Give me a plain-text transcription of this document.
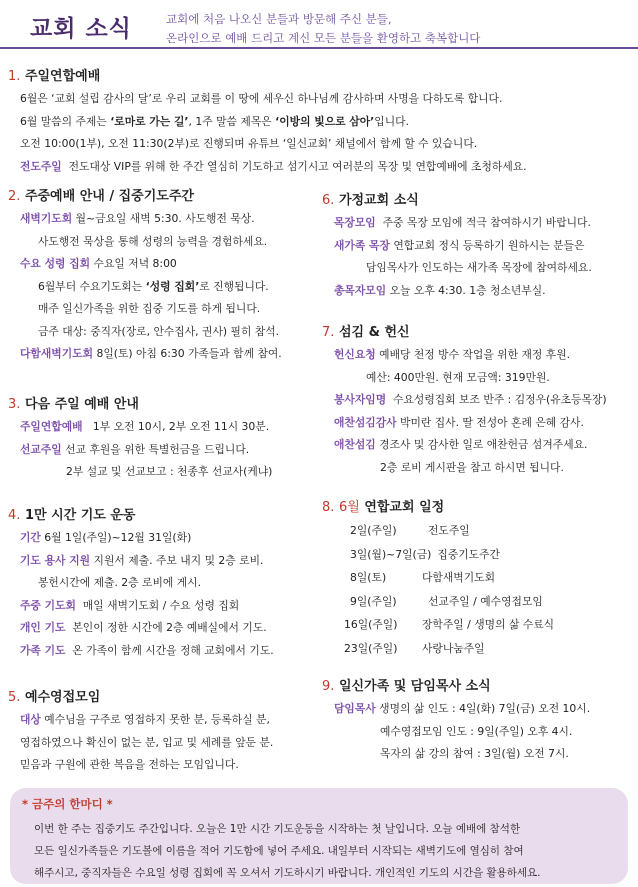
교회 소식	교회에 처음 나오신 분들과 방문해 주신 분들,
온라인으로 예배 드리고 계신 모든 분들을 환영하고 축복합니다
1. 주일연합예배
6월은 ‘교회 설립 감사의 달’로 우리 교회를 이 땅에 세우신 하나님께 감사하며 사명을 다하도록 합니다.
6월 말씀의 주제는 ‘로마로 가는 길’, 1주 말씀 제목은 ‘이방의 빛으로 삼아’입니다.
오전 10:00(1부), 오전 11:30(2부)로 진행되며 유튜브 ‘일신교회’ 채널에서 함께 할 수 있습니다.
전도주일 전도대상 VIP를 위해 한 주간 열심히 기도하고 섬기시고 여러분의 목장 및 연합예배에 초청하세요.
2. 주중예배 안내 / 집중기도주간
새벽기도회 월~금요일 새벽 5:30. 사도행전 묵상.
사도행전 묵상을 통해 성령의 능력을 경험하세요.
수요 성령 집회 수요일 저녁 8:00
6월부터 수요기도회는 ‘성령 집회’로 진행됩니다.
매주 일신가족을 위한 집중 기도를 하게 됩니다.
금주 대상: 중직자(장로, 안수집사, 권사) 필히 참석.
다함새벽기도회 8일(토) 아침 6:30 가족들과 함께 참여.
3. 다음 주일 예배 안내
주일연합예배 1부 오전 10시, 2부 오전 11시 30분.
선교주일 선교 후원을 위한 특별헌금을 드립니다.
2부 설교 및 선교보고 : 천종후 선교사(케냐)
4. 1만 시간 기도 운동
기간 6월 1일(주일)~12월 31일(화)
기도 용사 지원 지원서 제출. 주보 내지 및 2층 로비.
봉헌시간에 제출. 2층 로비에 게시.
주중 기도회 매일 새벽기도회 / 수요 성령 집회
개인 기도 본인이 정한 시간에 2층 예배실에서 기도.
가족 기도 온 가족이 함께 시간을 정해 교회에서 기도.
5. 예수영접모임
대상 예수님을 구주로 영접하지 못한 분, 등록하실 분,
영접하였으나 확신이 없는 분, 입교 및 세례를 앞둔 분.
믿음과 구원에 관한 복음을 전하는 모임입니다.
6. 가정교회 소식
목장모임 주중 목장 모임에 적극 참여하시기 바랍니다.
새가족 목장 연합교회 정식 등록하기 원하시는 분들은
담임목사가 인도하는 새가족 목장에 참여하세요.
총목자모임 오늘 오후 4:30. 1층 청소년부실.
7. 섬김 & 헌신
헌신요청 예배당 천정 방수 작업을 위한 재정 후원.
예산: 400만원. 현재 모금액: 319만원.
봉사자임명 수요성령집회 보조 반주 : 김정우(유초등목장)
애찬섬김감사 박미란 집사. 딸 전성아 혼례 은혜 감사.
애찬섬김 경조사 및 감사한 일로 애찬헌금 섬겨주세요.
2층 로비 게시판을 참고 하시면 됩니다.
8. 6월 연합교회 일정
2일(주일)	전도주일
3일(월)~7일(금) 집중기도주간
8일(토)	다함새벽기도회
9일(주일)	선교주일 / 예수영접모임
16일(주일) 장학주일 / 생명의 삶 수료식
23일(주일) 사랑나눔주일
9. 일신가족 및 담임목사 소식
담임목사 생명의 삶 인도 : 4일(화) 7일(금) 오전 10시.
예수영접모임 인도 : 9일(주일) 오후 4시.
목자의 삶 강의 참여 : 3일(월) 오전 7시.
* 금주의 한마디 *
이번 한 주는 집중기도 주간입니다. 오늘은 1만 시간 기도운동을 시작하는 첫 날입니다. 오늘 예배에 참석한
모든 일신가족들은 기도볼에 이름을 적어 기도함에 넣어 주세요. 내일부터 시작되는 새벽기도에 열심히 참여
해주시고, 중직자들은 수요일 성령 집회에 꼭 오셔서 기도하시기 바랍니다. 개인적인 기도의 시간을 활용하세요.
